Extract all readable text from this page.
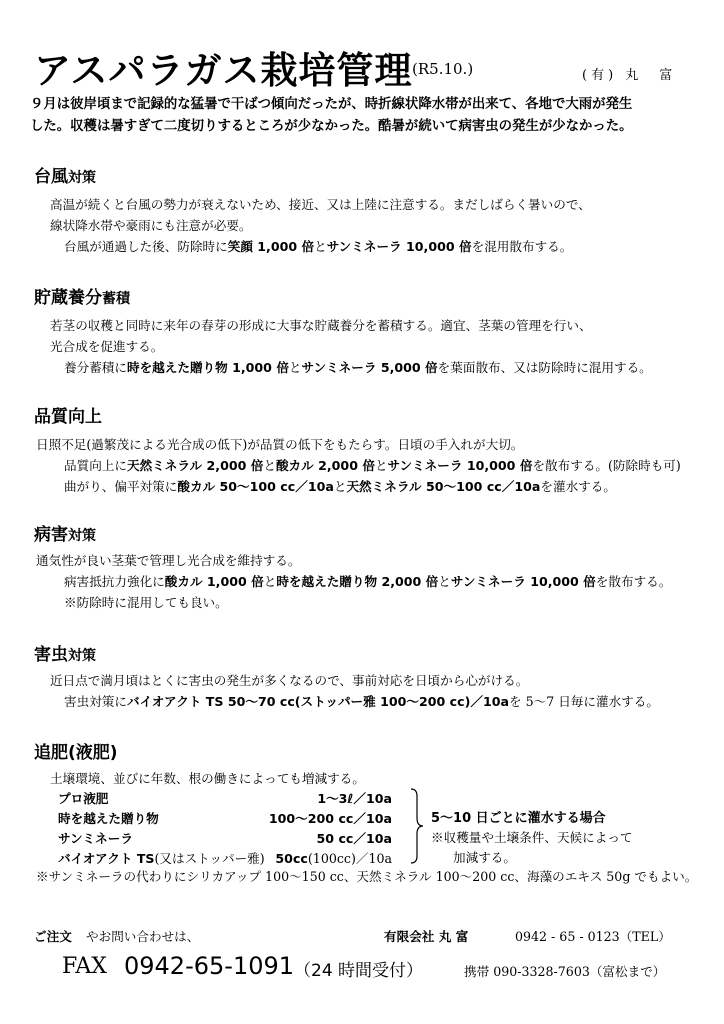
アスパラガス栽培管理 (R5.10.)	(有) 丸　富

９月は彼岸頃まで記録的な猛暑で干ばつ傾向だったが、時折線状降水帯が出来て、各地で大雨が発生

した。収穫は暑すぎて二度切りするところが少なかった。酷暑が続いて病害虫の発生が少なかった。

台風対策
高温が続くと台風の勢力が衰えないため、接近、又は上陸に注意する。まだしばらく暑いので、
線状降水帯や豪雨にも注意が必要。
台風が通過した後、防除時に笑顔 1,000 倍とサンミネーラ 10,000 倍を混用散布する。
貯蔵養分蓄積
若茎の収穫と同時に来年の春芽の形成に大事な貯蔵養分を蓄積する。適宜、茎葉の管理を行い、
光合成を促進する。
養分蓄積に時を越えた贈り物 1,000 倍とサンミネーラ 5,000 倍を葉面散布、又は防除時に混用する。
品質向上
日照不足(過繁茂による光合成の低下)が品質の低下をもたらす。日頃の手入れが大切。
品質向上に天然ミネラル 2,000 倍と酸カル 2,000 倍とサンミネーラ 10,000 倍を散布する。(防除時も可)
曲がり、偏平対策に酸カル 50〜100 cc／10aと天然ミネラル 50〜100 cc／10aを灌水する。
病害対策
通気性が良い茎葉で管理し光合成を維持する。
病害抵抗力強化に酸カル 1,000 倍と時を越えた贈り物 2,000 倍とサンミネーラ 10,000 倍を散布する。
※防除時に混用しても良い。
害虫対策
近日点で満月頃はとくに害虫の発生が多くなるので、事前対応を日頃から心がける。
害虫対策にバイオアクト TS 50〜70 cc(ストッパー雅 100〜200 cc)／10aを 5〜7 日毎に灌水する。
追肥(液肥)
土壌環境、並びに年数、根の働きによっても増減する。
プロ液肥	1〜3ℓ／10a
時を越えた贈り物	100〜200 cc／10a
サンミネーラ	50 cc／10a
バイオアクト TS(又はストッパー雅) 50cc(100cc)／10a
5〜10 日ごとに灌水する場合
※収穫量や土壌条件、天候によって
加減する。
※サンミネーラの代わりにシリカアップ 100〜150 cc、天然ミネラル 100〜200 cc、海藻のエキス 50g でもよい。
ご注文 やお問い合わせは、	有限会社 丸 富	0942 - 65 - 0123（TEL）
FAX 0942-65-1091 （24 時間受付）	携帯 090-3328-7603（富松まで）
